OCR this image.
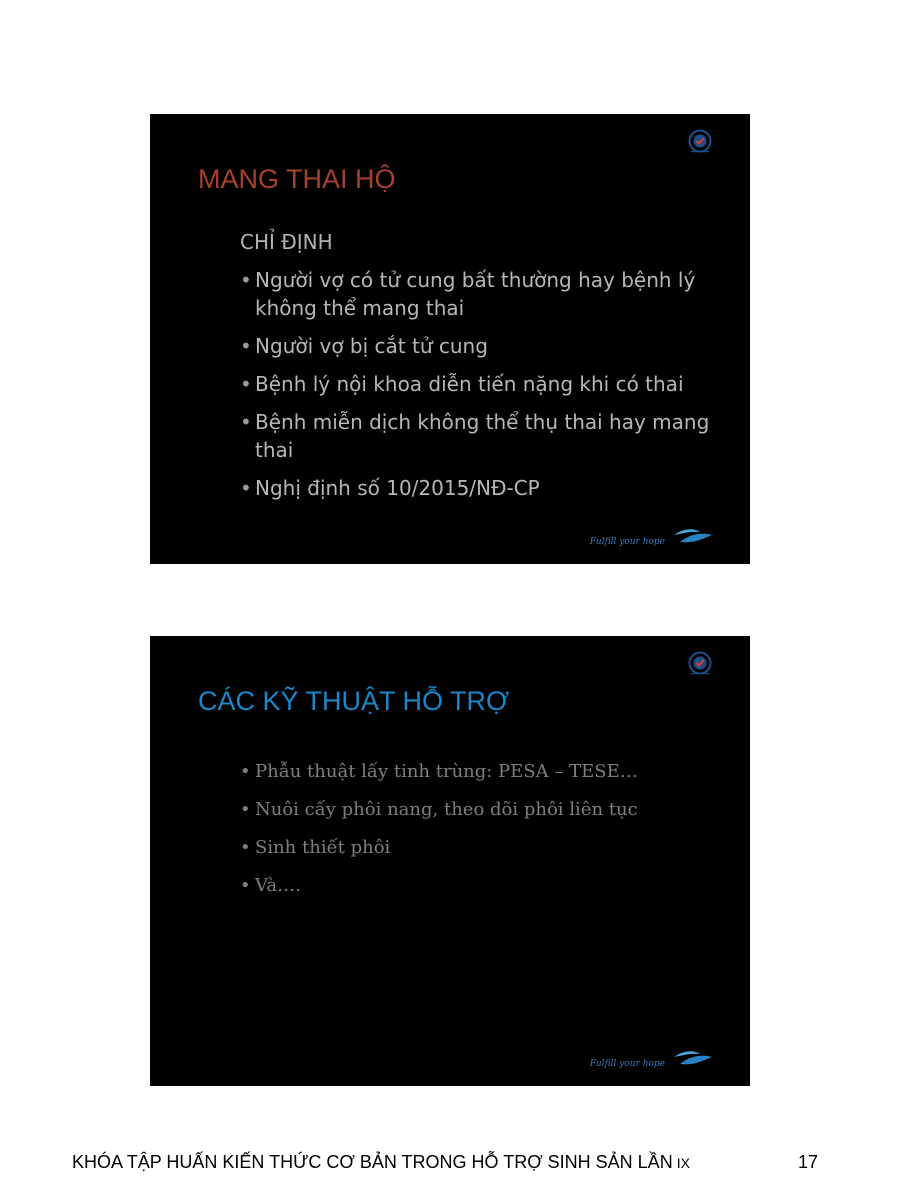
MANG THAI HỘ

CHỈ ĐỊNH

• Người vợ có tử cung bất thường hay bệnh lý không thể mang thai
• Người vợ bị cắt tử cung
• Bệnh lý nội khoa diễn tiến nặng khi có thai
• Bệnh miễn dịch không thể thụ thai hay mang thai
• Nghị định số 10/2015/NĐ-CP
Fulfill your hope
CÁC KỸ THUẬT HỖ TRỢ
• Phẫu thuật lấy tinh trùng: PESA – TESE…
• Nuôi cấy phôi nang, theo dõi phôi liên tục
• Sinh thiết phôi
• Và….
Fulfill your hope
KHÓA TẬP HUẤN KIẾN THỨC CƠ BẢN TRONG HỖ TRỢ SINH SẢN LẦN IX	17
